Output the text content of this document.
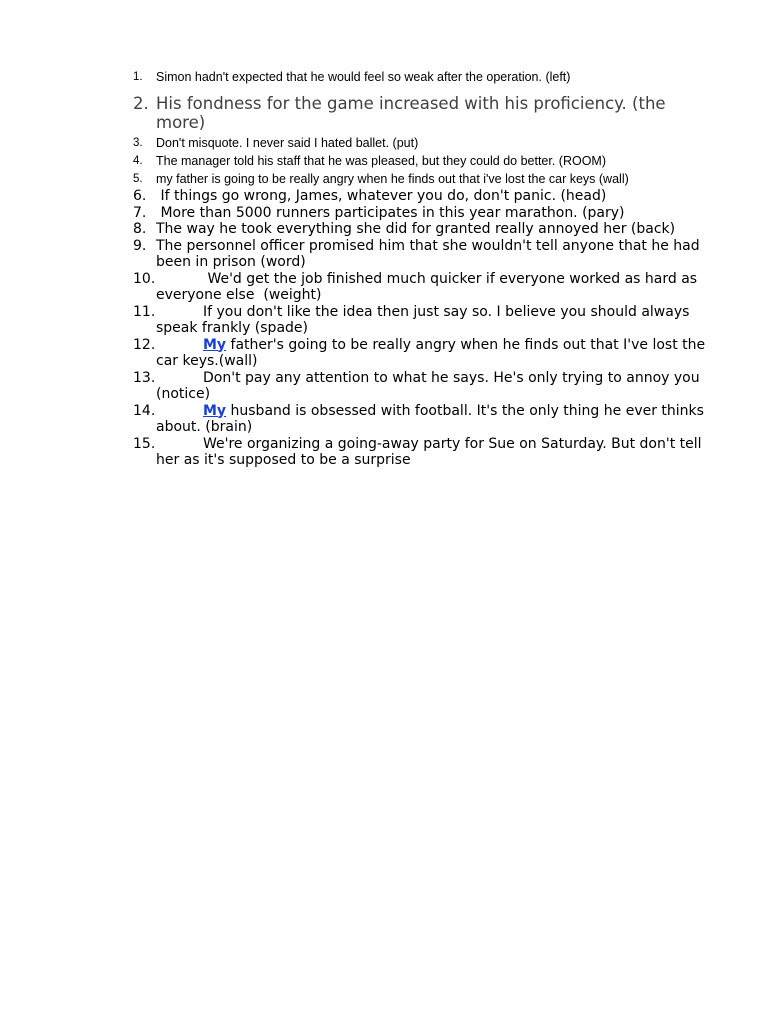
1. Simon hadn't expected that he would feel so weak after the operation. (left)
2. His fondness for the game increased with his proficiency. (the more)
3. Don't misquote. I never said I hated ballet. (put)
4. The manager told his staff that he was pleased, but they could do better. (ROOM)
5. my father is going to be really angry when he finds out that i've lost the car keys (wall)
6. If things go wrong, James, whatever you do, don't panic. (head)
7. More than 5000 runners participates in this year marathon. (pary)
8. The way he took everything she did for granted really annoyed her (back)
9. The personnel officer promised him that she wouldn't tell anyone that he had been in prison (word)
10.	We'd get the job finished much quicker if everyone worked as hard as everyone else  (weight)
11.	If you don't like the idea then just say so. I believe you should always speak frankly (spade)
12.	My father's going to be really angry when he finds out that I've lost the car keys.(wall)
13.	Don't pay any attention to what he says. He's only trying to annoy you (notice)
14.	My husband is obsessed with football. It's the only thing he ever thinks about. (brain)
15.	We're organizing a going-away party for Sue on Saturday. But don't tell her as it's supposed to be a surprise
